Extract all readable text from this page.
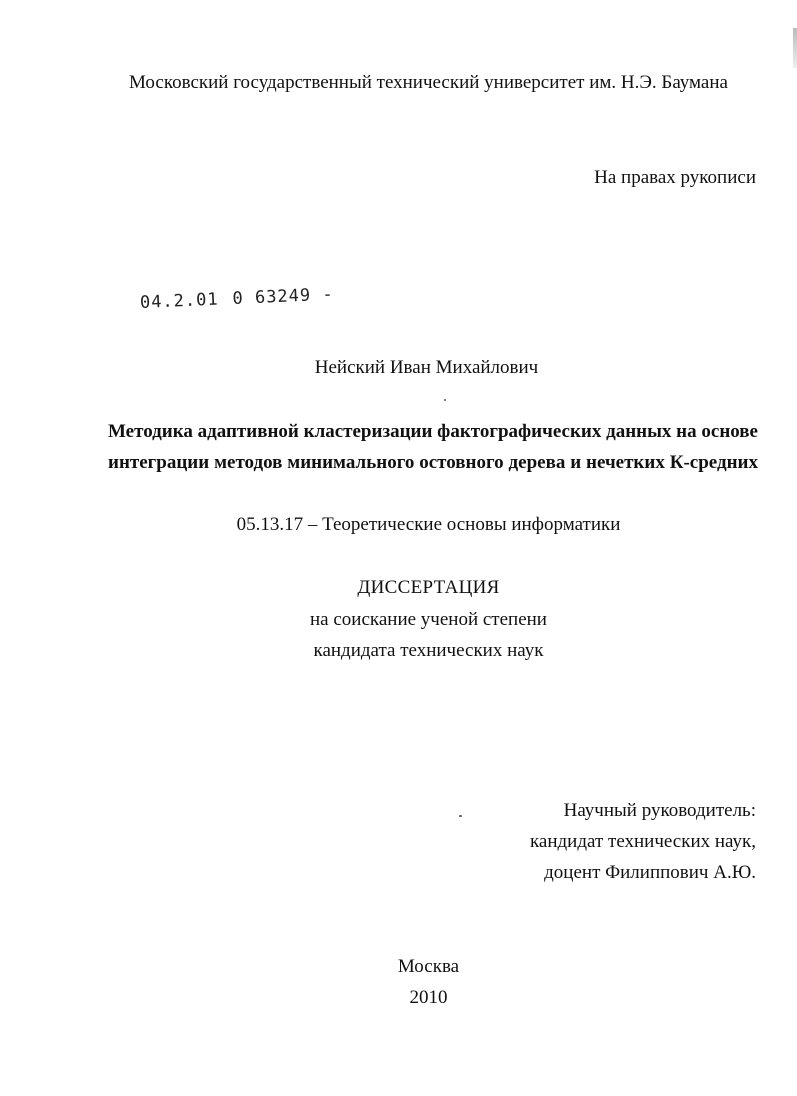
Московский государственный технический университет им. Н.Э. Баумана
На правах рукописи
04.2.01 0 63249 -
Нейский Иван Михайлович
Методика адаптивной кластеризации фактографических данных на основе
интеграции методов минимального остовного дерева и нечетких К-средних
05.13.17 – Теоретические основы информатики
ДИССЕРТАЦИЯ
на соискание ученой степени
кандидата технических наук
Научный руководитель:
кандидат технических наук,
доцент Филиппович А.Ю.
Москва
2010
